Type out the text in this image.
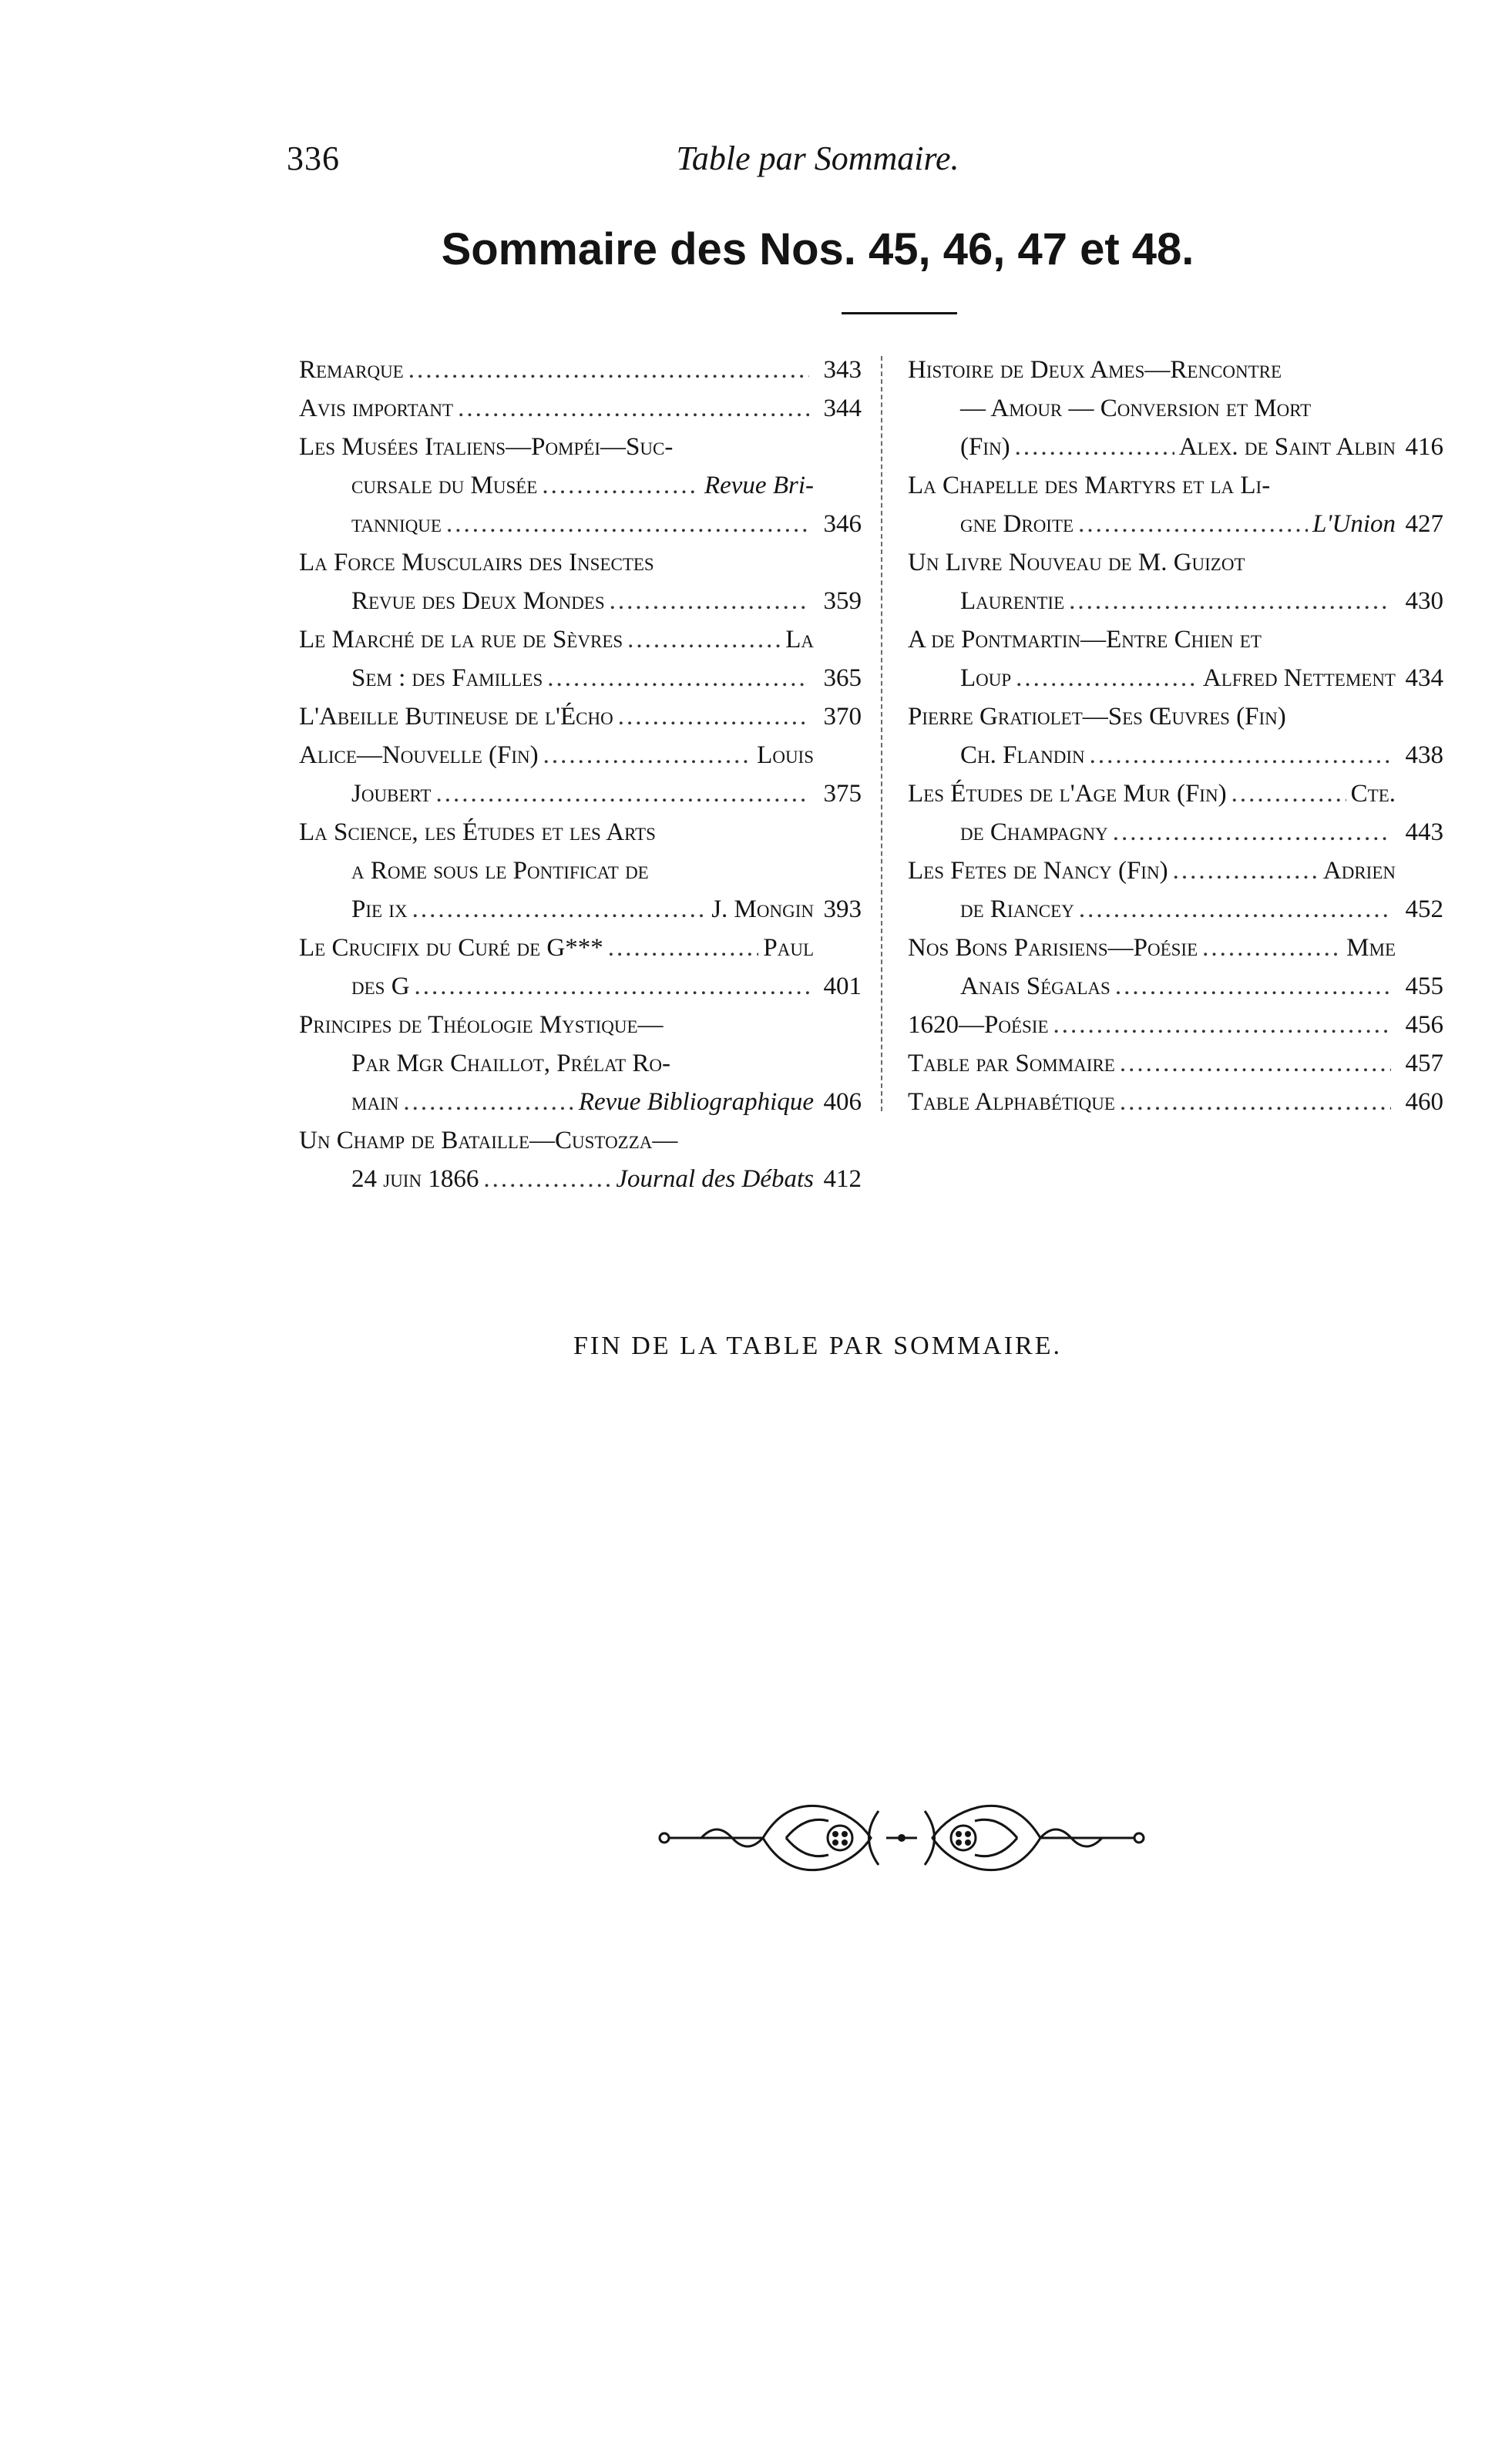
336	Table par Sommaire.
Sommaire des Nos. 45, 46, 47 et 48.
Remarque .....	343
Avis important .....	344
Les Musées Italiens—Pompéi—Suc-
cursale du Musée .....	Revue Bri-
tannique .....	346
La Force Musculairs des Insectes
Revue des Deux Mondes .....	359
Le Marché de la rue de Sèvres .....	La
Sem : des Familles .....	365
L'Abeille Butineuse de l'Écho .....	370
Alice—Nouvelle (Fin) .....	Louis
Joubert .....	375
La Science, les Études et les Arts
a Rome sous le Pontificat de
Pie ix .....	J. Mongin 393
Le Crucifix du Curé de G*** .....	Paul
des G .....	401
Principes de Théologie Mystique—
Par Mgr Chaillot, Prélat Ro-
main .....	Revue Bibliographique 406
Un Champ de Bataille—Custozza—
24 juin 1866 .....	Journal des Débats 412
Histoire de Deux Ames—Rencontre
— Amour — Conversion et Mort
(Fin) .....	Alex. de Saint Albin 416
La Chapelle des Martyrs et la Li-
gne Droite .....	L'Union 427
Un Livre Nouveau de M. Guizot
Laurentie .....	430
A de Pontmartin—Entre Chien et
Loup .....	Alfred Nettement 434
Pierre Gratiolet—Ses Œuvres (Fin)
Ch. Flandin .....	438
Les Études de l'Age Mur (Fin) .....	Cte.
de Champagny .....	443
Les Fetes de Nancy (Fin) .....	Adrien
de Riancey .....	452
Nos Bons Parisiens—Poésie .....	Mme
Anais Ségalas .....	455
1620—Poésie .....	456
Table par Sommaire .....	457
Table Alphabétique .....	460
FIN DE LA TABLE PAR SOMMAIRE.
